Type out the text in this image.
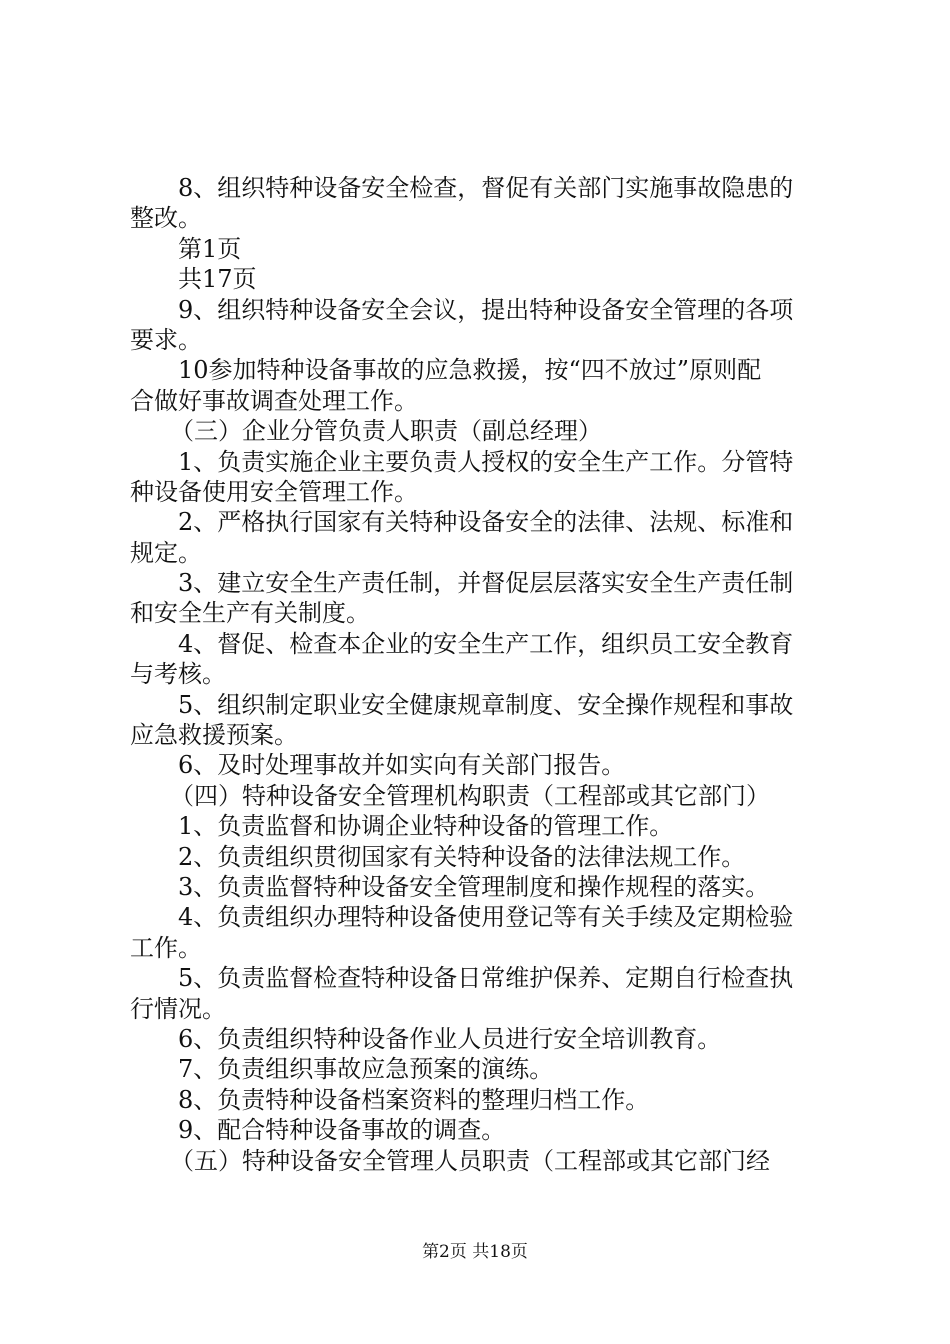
8、组织特种设备安全检查，督促有关部门实施事故隐患的
整改。
第1页
共17页
9、组织特种设备安全会议，提出特种设备安全管理的各项
要求。
10参加特种设备事故的应急救援，按“四不放过”原则配
合做好事故调查处理工作。
（三）企业分管负责人职责（副总经理）
1、负责实施企业主要负责人授权的安全生产工作。分管特
种设备使用安全管理工作。
2、严格执行国家有关特种设备安全的法律、法规、标准和
规定。
3、建立安全生产责任制，并督促层层落实安全生产责任制
和安全生产有关制度。
4、督促、检查本企业的安全生产工作，组织员工安全教育
与考核。
5、组织制定职业安全健康规章制度、安全操作规程和事故
应急救援预案。
6、及时处理事故并如实向有关部门报告。
（四）特种设备安全管理机构职责（工程部或其它部门）
1、负责监督和协调企业特种设备的管理工作。
2、负责组织贯彻国家有关特种设备的法律法规工作。
3、负责监督特种设备安全管理制度和操作规程的落实。
4、负责组织办理特种设备使用登记等有关手续及定期检验
工作。
5、负责监督检查特种设备日常维护保养、定期自行检查执
行情况。
6、负责组织特种设备作业人员进行安全培训教育。
7、负责组织事故应急预案的演练。
8、负责特种设备档案资料的整理归档工作。
9、配合特种设备事故的调查。
（五）特种设备安全管理人员职责（工程部或其它部门经
第2页 共18页
